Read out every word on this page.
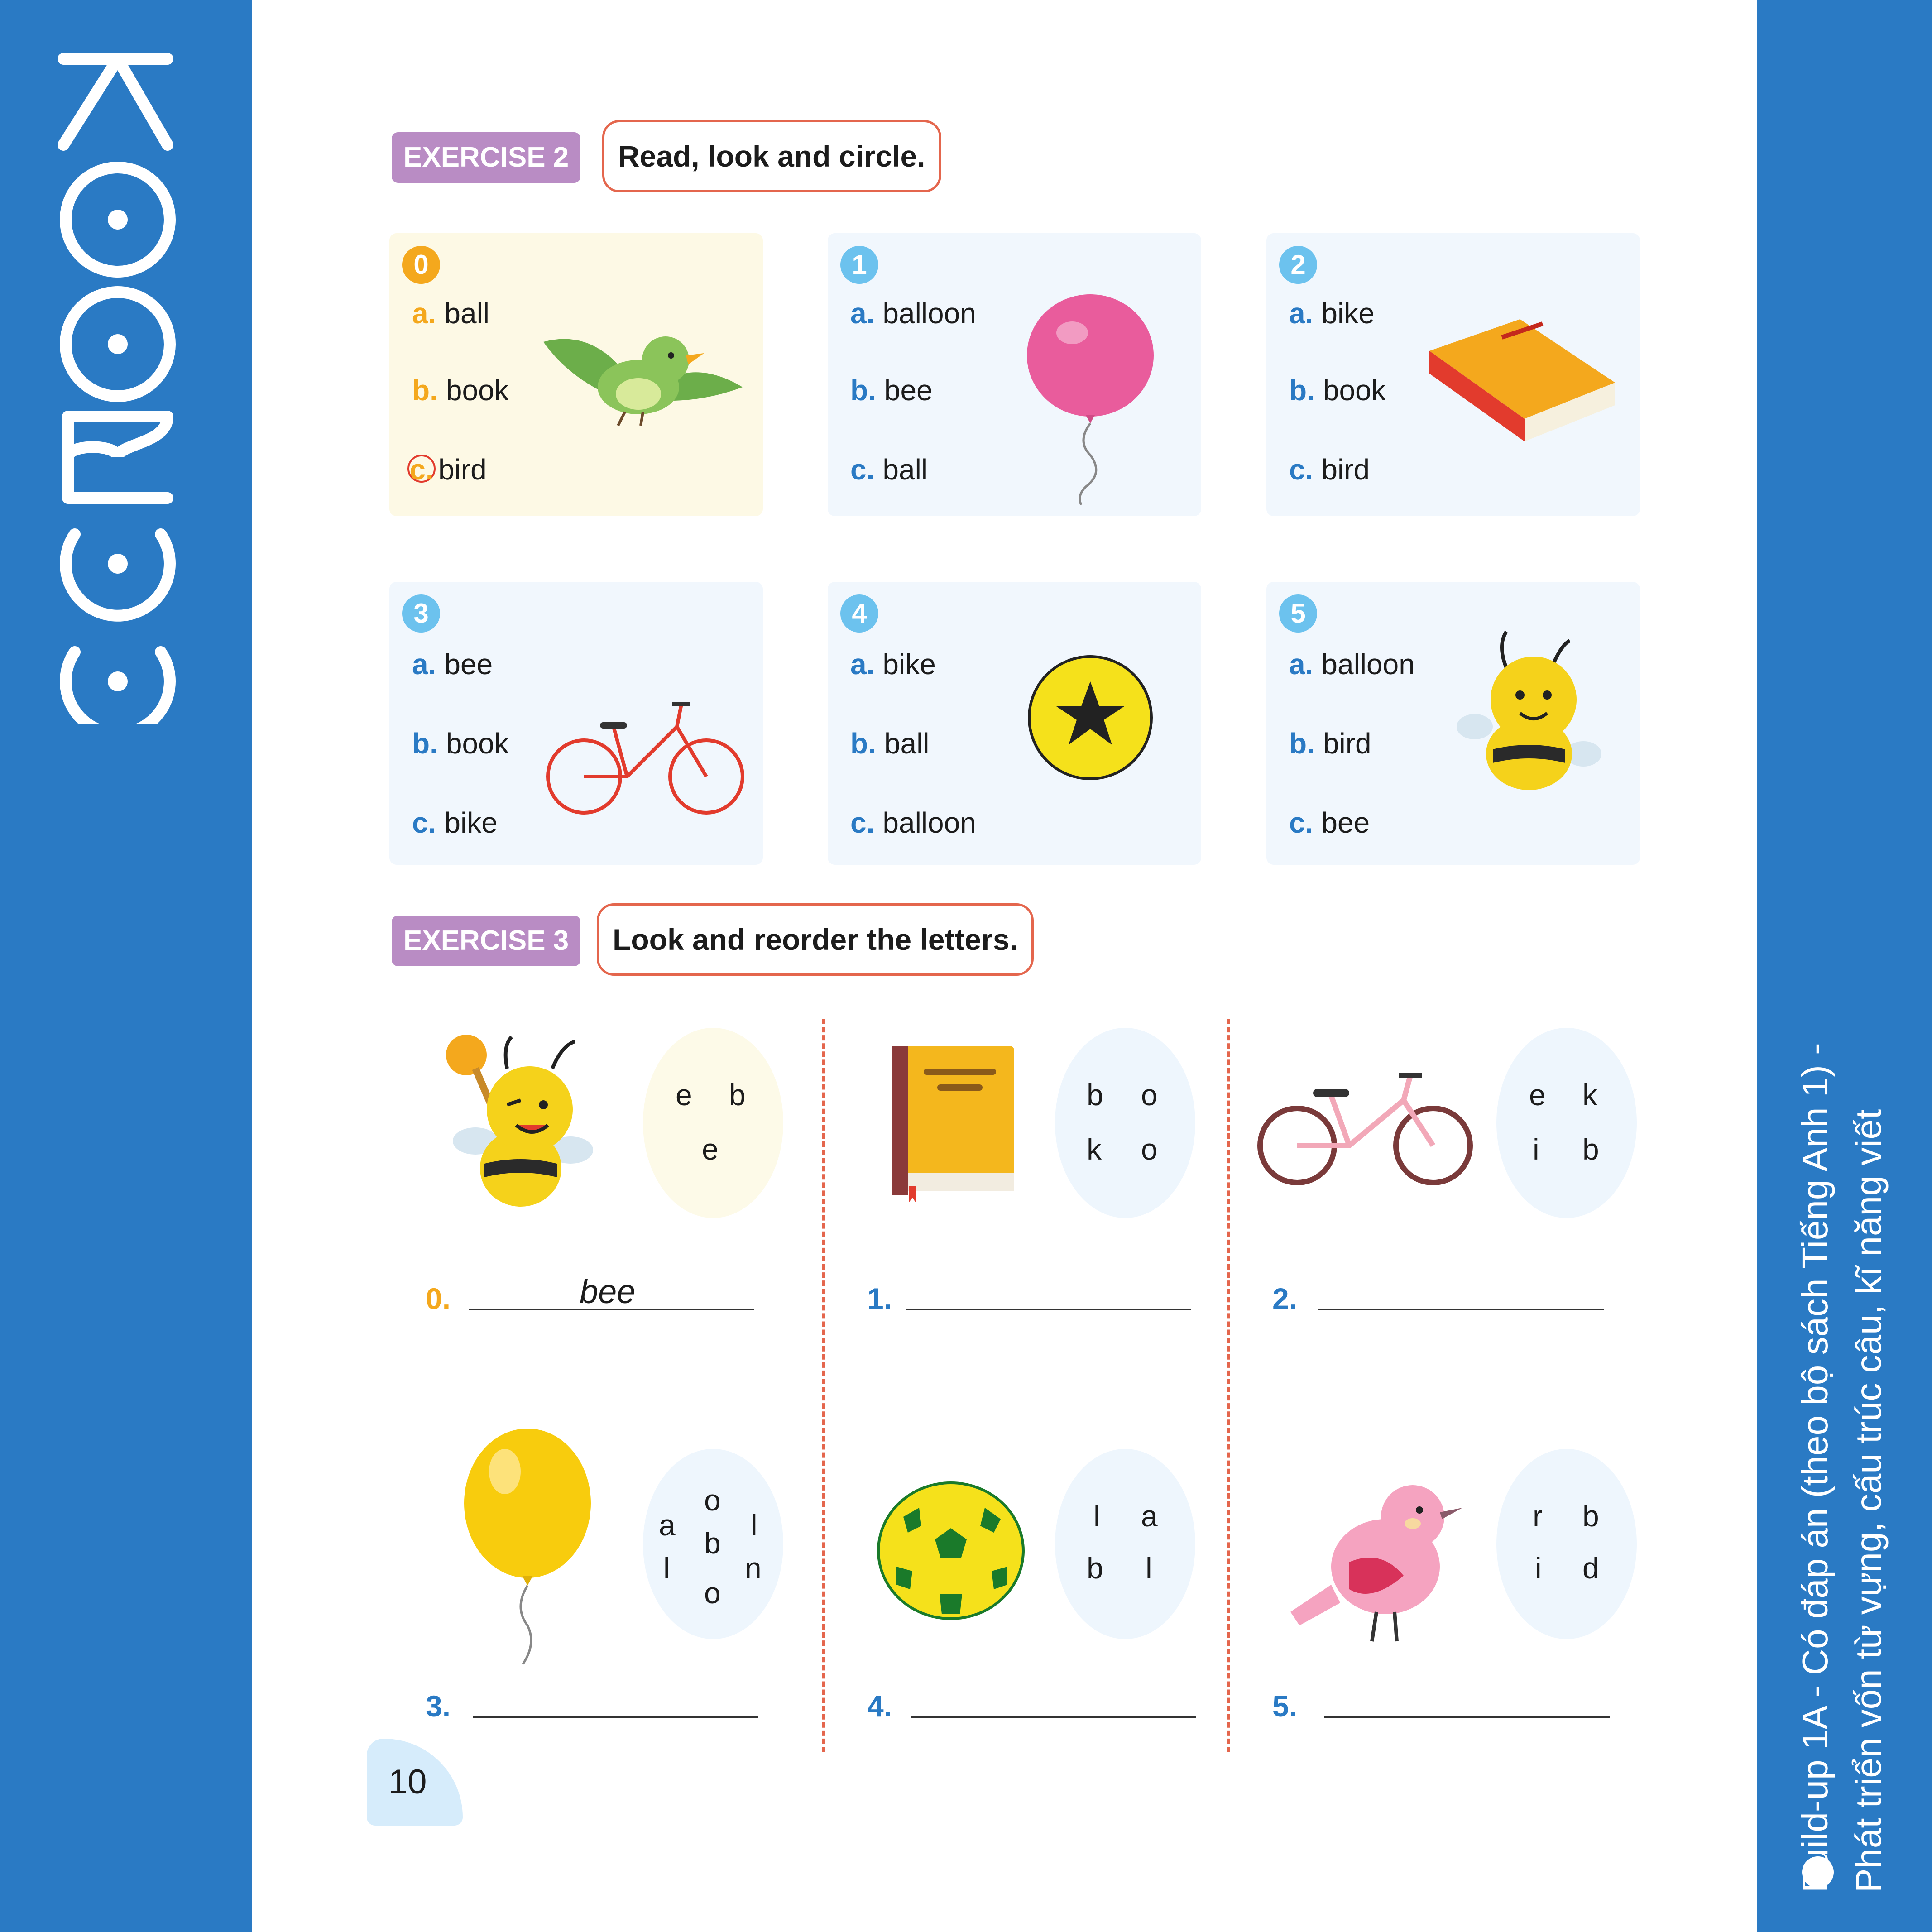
Build-up 1A - Có đáp án (theo bộ sách Tiếng Anh 1) - Phát triển vốn từ vựng, cấu trúc câu, kĩ năng viết
EXERCISE 2	Read, look and circle.
0
a. ball
b. book
c. bird
1
a. balloon
b. bee
c. ball
2
a. bike
b. book
c. bird
3
a. bee
b. book
c. bike
4
a. bike
b. ball
c. balloon
5
a. balloon
b. bird
c. bee
EXERCISE 3	Look and reorder the letters.
e b
e
0.	bee
b o
k o
1.
e k
i b
2.
o
a	l
b
l	n
o
3.
l a
b l
4.
r b
i d
5.
10
